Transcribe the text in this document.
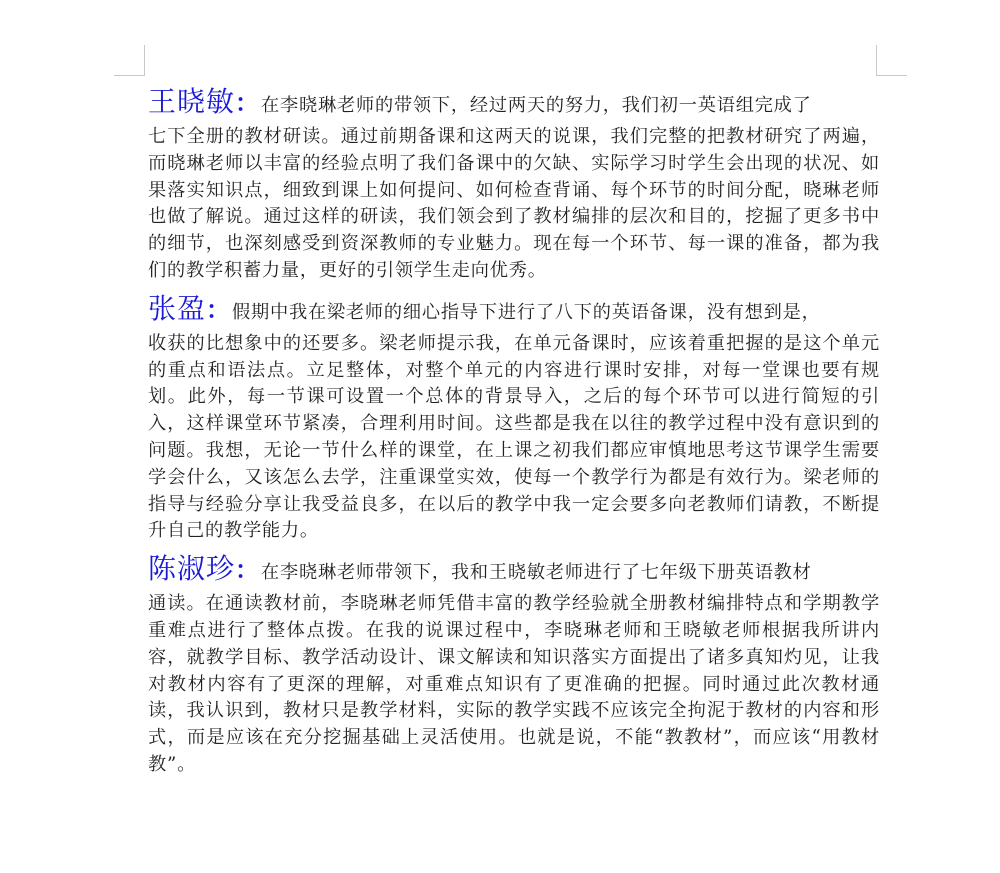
王晓敏 ： 在李晓琳老师的带领下，经过两天的努力，我们初一英语组完成了

七下全册的教材研读。通过前期备课和这两天的说课，我们完整的把教材研究了两遍，而晓琳老师以丰富的经验点明了我们备课中的欠缺、实际学习时学生会出现的状况、如果落实知识点，细致到课上如何提问、如何检查背诵、每个环节的时间分配，晓琳老师也做了解说。通过这样的研读，我们领会到了教材编排的层次和目的，挖掘了更多书中的细节，也深刻感受到资深教师的专业魅力。现在每一个环节、每一课的准备，都为我们的教学积蓄力量，更好的引领学生走向优秀。

张盈 ： 假期中我在梁老师的细心指导下进行了八下的英语备课，没有想到是，

收获的比想象中的还要多。梁老师提示我，在单元备课时，应该着重把握的是这个单元的重点和语法点。立足整体，对整个单元的内容进行课时安排，对每一堂课也要有规划。此外，每一节课可设置一个总体的背景导入，之后的每个环节可以进行简短的引入，这样课堂环节紧凑，合理利用时间。这些都是我在以往的教学过程中没有意识到的问题。我想，无论一节什么样的课堂，在上课之初我们都应审慎地思考这节课学生需要学会什么，又该怎么去学，注重课堂实效，使每一个教学行为都是有效行为。梁老师的指导与经验分享让我受益良多，在以后的教学中我一定会要多向老教师们请教，不断提升自己的教学能力。

陈淑珍 ： 在李晓琳老师带领下，我和王晓敏老师进行了七年级下册英语教材

通读。在通读教材前，李晓琳老师凭借丰富的教学经验就全册教材编排特点和学期教学重难点进行了整体点拨。在我的说课过程中，李晓琳老师和王晓敏老师根据我所讲内容，就教学目标、教学活动设计、课文解读和知识落实方面提出了诸多真知灼见，让我对教材内容有了更深的理解，对重难点知识有了更准确的把握。同时通过此次教材通读，我认识到，教材只是教学材料，实际的教学实践不应该完全拘泥于教材的内容和形式，而是应该在充分挖掘基础上灵活使用。也就是说，不能“教教材”，而应该“用教材教”。
